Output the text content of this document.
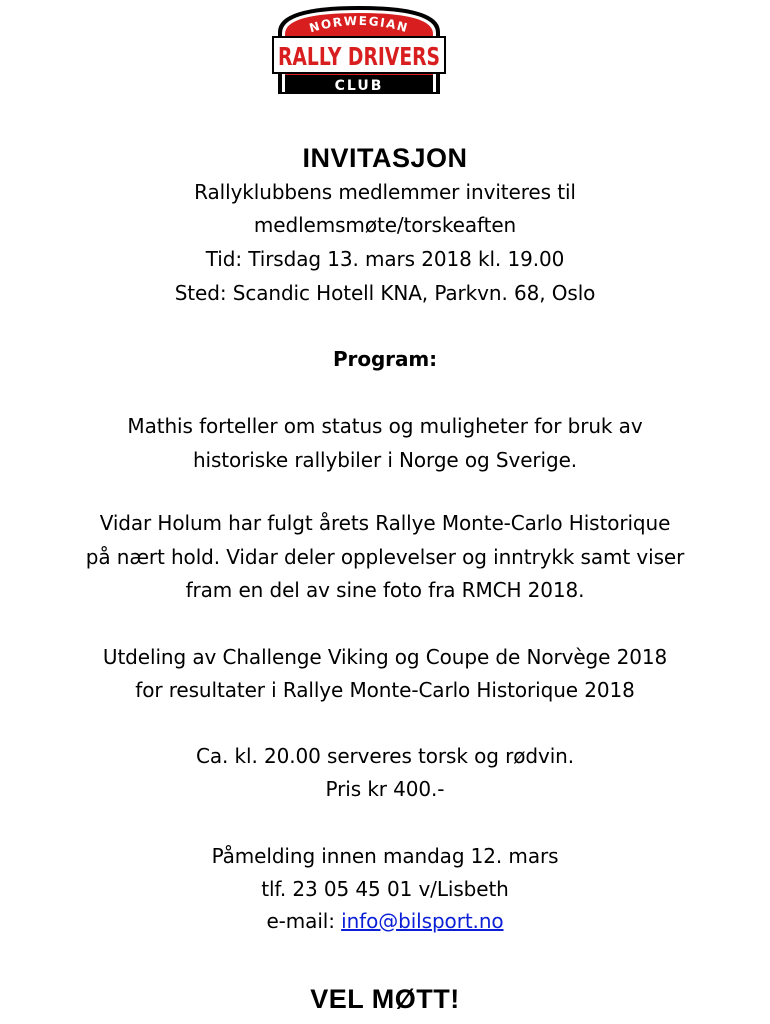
NORWEGIAN
RALLY DRIVERS
CLUB
INVITASJON
Rallyklubbens medlemmer inviteres til
medlemsmøte/torskeaften
Tid: Tirsdag 13. mars 2018 kl. 19.00
Sted: Scandic Hotell KNA, Parkvn. 68, Oslo
Program:
Mathis forteller om status og muligheter for bruk av
historiske rallybiler i Norge og Sverige.
Vidar Holum har fulgt årets Rallye Monte-Carlo Historique
på nært hold. Vidar deler opplevelser og inntrykk samt viser
fram en del av sine foto fra RMCH 2018.
Utdeling av Challenge Viking og Coupe de Norvège 2018
for resultater i Rallye Monte-Carlo Historique 2018
Ca. kl. 20.00 serveres torsk og rødvin.
Pris kr 400.-
Påmelding innen mandag 12. mars
tlf. 23 05 45 01 v/Lisbeth
e-mail: info@bilsport.no
VEL MØTT!
